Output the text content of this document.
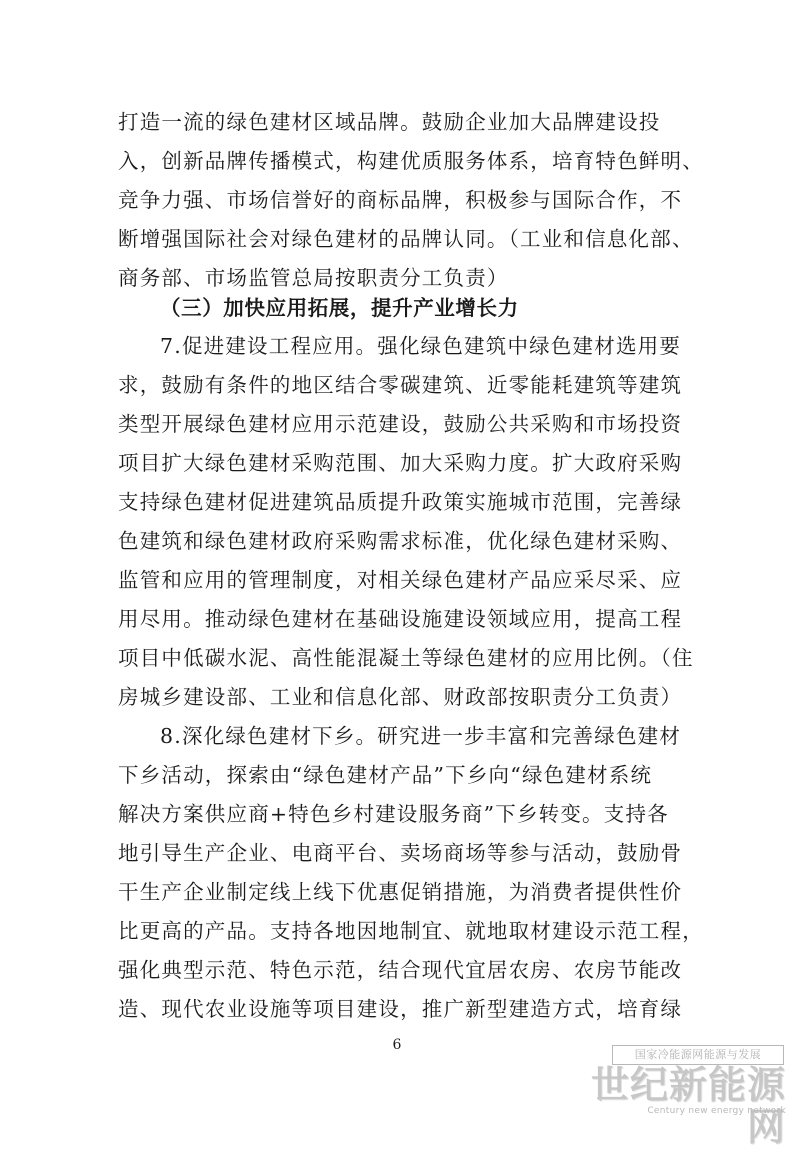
打造一流的绿色建材区域品牌。鼓励企业加大品牌建设投
入，创新品牌传播模式，构建优质服务体系，培育特色鲜明、
竞争力强、市场信誉好的商标品牌，积极参与国际合作，不
断增强国际社会对绿色建材的品牌认同。（工业和信息化部、
商务部、市场监管总局按职责分工负责）
（三）加快应用拓展，提升产业增长力
7.促进建设工程应用。强化绿色建筑中绿色建材选用要
求，鼓励有条件的地区结合零碳建筑、近零能耗建筑等建筑
类型开展绿色建材应用示范建设，鼓励公共采购和市场投资
项目扩大绿色建材采购范围、加大采购力度。扩大政府采购
支持绿色建材促进建筑品质提升政策实施城市范围，完善绿
色建筑和绿色建材政府采购需求标准，优化绿色建材采购、
监管和应用的管理制度，对相关绿色建材产品应采尽采、应
用尽用。推动绿色建材在基础设施建设领域应用，提高工程
项目中低碳水泥、高性能混凝土等绿色建材的应用比例。（住
房城乡建设部、工业和信息化部、财政部按职责分工负责）
8.深化绿色建材下乡。研究进一步丰富和完善绿色建材
下乡活动，探索由“绿色建材产品”下乡向“绿色建材系统
解决方案供应商+特色乡村建设服务商”下乡转变。支持各
地引导生产企业、电商平台、卖场商场等参与活动，鼓励骨
干生产企业制定线上线下优惠促销措施，为消费者提供性价
比更高的产品。支持各地因地制宜、就地取材建设示范工程，
强化典型示范、特色示范，结合现代宜居农房、农房节能改
造、现代农业设施等项目建设，推广新型建造方式，培育绿
6
国家冷能源网能源与发展
世纪新能源网
Century new energy network
